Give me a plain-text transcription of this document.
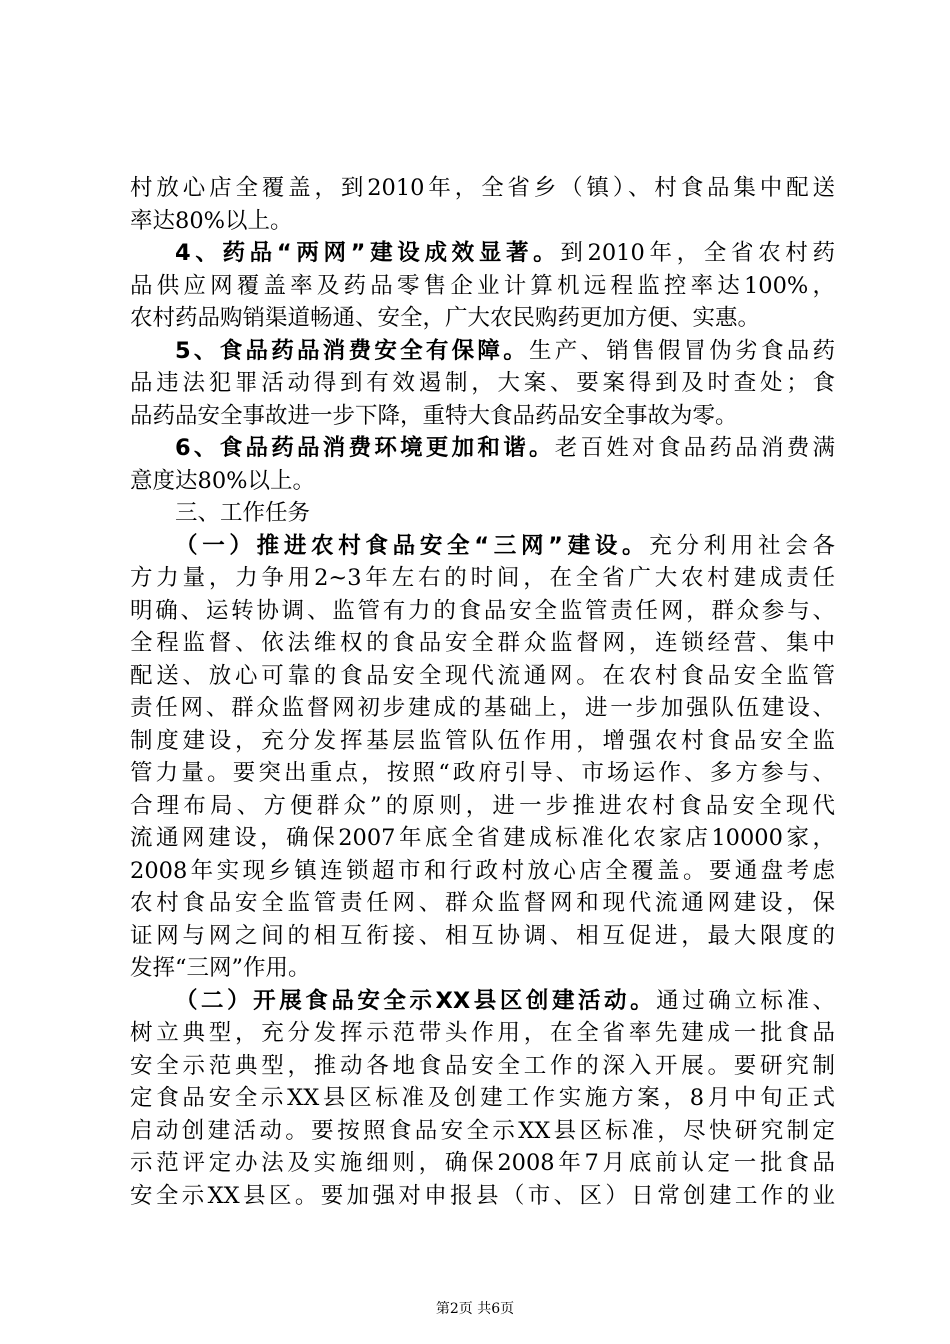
村放心店全覆盖，到2010年，全省乡（镇）、村食品集中配送
率达80%以上。
4、药品“两网”建设成效显著。到2010年，全省农村药
品供应网覆盖率及药品零售企业计算机远程监控率达100%，
农村药品购销渠道畅通、安全，广大农民购药更加方便、实惠。
5、食品药品消费安全有保障。生产、销售假冒伪劣食品药
品违法犯罪活动得到有效遏制，大案、要案得到及时查处；食
品药品安全事故进一步下降，重特大食品药品安全事故为零。
6、食品药品消费环境更加和谐。老百姓对食品药品消费满
意度达80%以上。
三、工作任务
（一）推进农村食品安全“三网”建设。充分利用社会各
方力量，力争用2~3年左右的时间，在全省广大农村建成责任
明确、运转协调、监管有力的食品安全监管责任网，群众参与、
全程监督、依法维权的食品安全群众监督网，连锁经营、集中
配送、放心可靠的食品安全现代流通网。在农村食品安全监管
责任网、群众监督网初步建成的基础上，进一步加强队伍建设、
制度建设，充分发挥基层监管队伍作用，增强农村食品安全监
管力量。要突出重点，按照“政府引导、市场运作、多方参与、
合理布局、方便群众”的原则，进一步推进农村食品安全现代
流通网建设，确保2007年底全省建成标准化农家店10000家，
2008年实现乡镇连锁超市和行政村放心店全覆盖。要通盘考虑
农村食品安全监管责任网、群众监督网和现代流通网建设，保
证网与网之间的相互衔接、相互协调、相互促进，最大限度的
发挥“三网”作用。
（二）开展食品安全示XX县区创建活动。通过确立标准、
树立典型，充分发挥示范带头作用，在全省率先建成一批食品
安全示范典型，推动各地食品安全工作的深入开展。要研究制
定食品安全示XX县区标准及创建工作实施方案，8月中旬正式
启动创建活动。要按照食品安全示XX县区标准，尽快研究制定
示范评定办法及实施细则，确保2008年7月底前认定一批食品
安全示XX县区。要加强对申报县（市、区）日常创建工作的业
第2页 共6页
